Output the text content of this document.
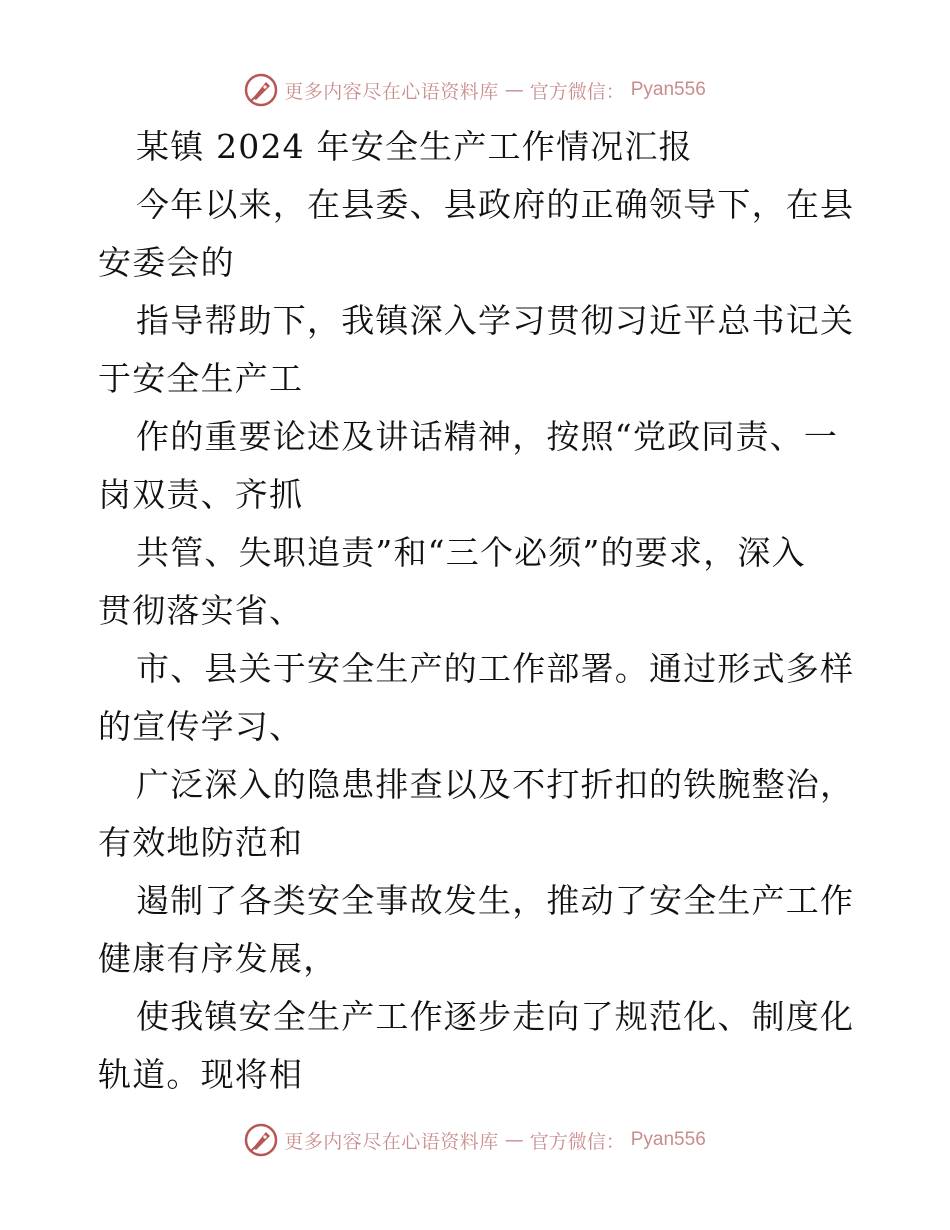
更多内容尽在心语资料库 — 官方微信： Pyan556
某镇 2024 年安全生产工作情况汇报
今年以来，在县委、县政府的正确领导下，在县
安委会的
指导帮助下，我镇深入学习贯彻习近平总书记关
于安全生产工
作的重要论述及讲话精神，按照“党政同责、一
岗双责、齐抓
共管、失职追责”和“三个必须”的要求，深入
贯彻落实省、
市、县关于安全生产的工作部署。通过形式多样
的宣传学习、
广泛深入的隐患排查以及不打折扣的铁腕整治，
有效地防范和
遏制了各类安全事故发生，推动了安全生产工作
健康有序发展，
使我镇安全生产工作逐步走向了规范化、制度化
轨道。现将相
更多内容尽在心语资料库 — 官方微信： Pyan556
